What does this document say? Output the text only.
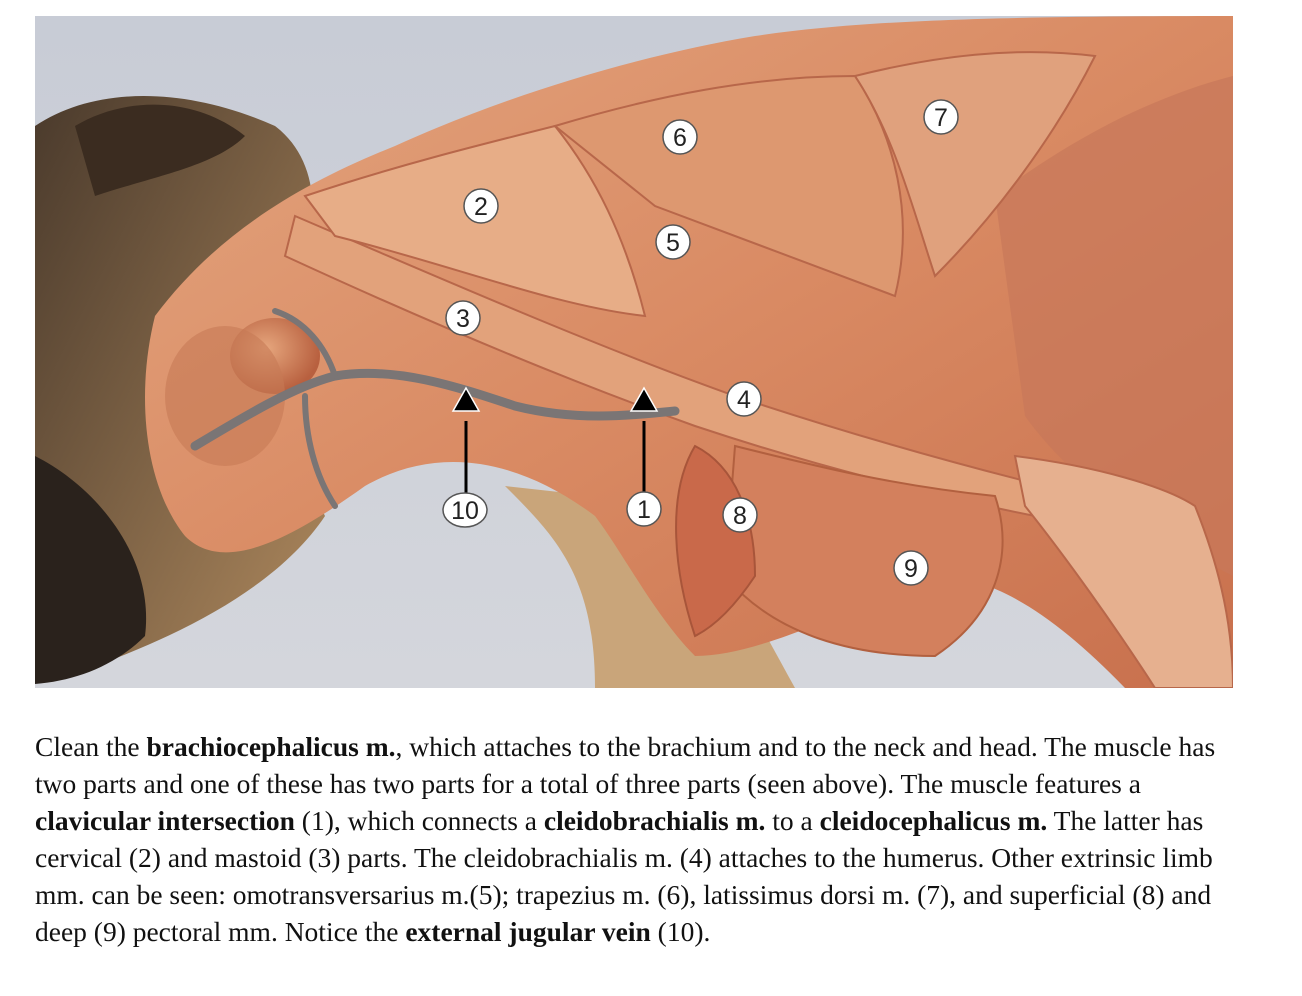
6
7
2
5
3
4
10	1	8
9
Clean the brachiocephalicus m., which attaches to the brachium and to the neck and head. The muscle has two parts and one of these has two parts for a total of three parts (seen above). The muscle features a clavicular intersection (1), which connects a cleidobrachialis m. to a cleidocephalicus m. The latter has cervical (2) and mastoid (3) parts. The cleidobrachialis m. (4) attaches to the humerus. Other extrinsic limb mm. can be seen: omotransversarius m.(5); trapezius m. (6), latissimus dorsi m. (7), and superficial (8) and deep (9) pectoral mm. Notice the external jugular vein (10).
